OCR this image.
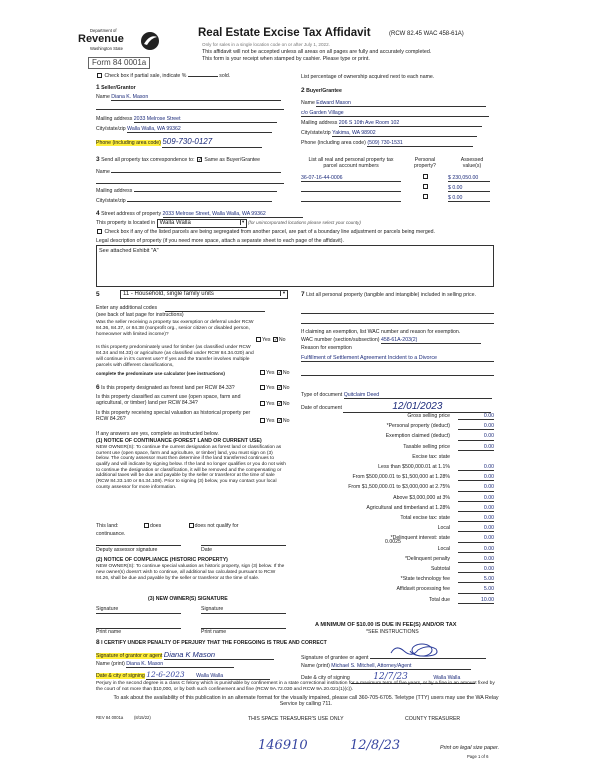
Department of
Revenue
Washington State
Form 84 0001a
Real Estate Excise Tax Affidavit	(RCW 82.45 WAC 458-61A)
Only for sales in a single location code on or after July 1, 2022.
This affidavit will not be accepted unless all areas on all pages are fully and accurately completed.
This form is your receipt when stamped by cashier. Please type or print.
Check box if partial sale, indicate %	sold.	List percentage of ownership acquired next to each name.
1 Seller/Grantor
Name Diana K. Mason
Mailing address 2033 Melrose Street
City/state/zip Walla Walla, WA 99362
Phone (including area code) 509-730-0127
2 Buyer/Grantee
Name Edward Mason
c/o Garden Village
Mailing address 206 S 10th Ave Room 102
City/state/zip Yakima, WA 98902
Phone (including area code) (509) 730-1531
3 Send all property tax correspondence to: ✓ Same as Buyer/Grantee
Name
Mailing address
City/state/zip
List all real and personal property tax parcel account numbers
Personal property?
Assessed value(s)
36-07-16-44-0006	$ 230,050.00
$ 0.00
$ 0.00
4 Street address of property 2033 Melrose Street, Walla Walla, WA 99362
This property is located in Walla Walla	▼ (for unincorporated locations please select your county)
Check box if any of the listed parcels are being segregated from another parcel, are part of a boundary line adjustment or parcels being merged.
Legal description of property (if you need more space, attach a separate sheet to each page of the affidavit).
See attached Exhibit "A"
5	11 - Household, single family units	▼
Enter any additional codes
(see back of last page for instructions)
Was the seller receiving a property tax exemption or deferral under RCW 84.36, 84.37, or 84.38 (nonprofit org., senior citizen or disabled person, homeowner with limited income)?
Yes ✓ No
Is this property predominately used for timber (as classified under RCW 84.34 and 84.33) or agriculture (as classified under RCW 84.34.020) and will continue in it's current use? If yes and the transfer involves multiple parcels with different classifications,
complete the predominate use calculator (see instructions)	Yes ✓ No
6 Is this property designated as forest land per RCW 84.33?	Yes ✓ No
Is this property classified as current use (open space, farm and agricultural, or timber) land per RCW 84.34?	Yes ✓ No
Is this property receiving special valuation as historical property per RCW 84.26?	Yes ✓ No
If any answers are yes, complete as instructed below.
(1) NOTICE OF CONTINUANCE (FOREST LAND OR CURRENT USE)
NEW OWNER(S): To continue the current designation as forest land or classification as current use (open space, farm and agriculture, or timber) land, you must sign on (3) below. The county assessor must then determine if the land transferred continues to qualify and will indicate by signing below. If the land no longer qualifies or you do not wish to continue the designation or classification, it will be removed and the compensating or additional taxes will be due and payable by the seller or transferor at the time of sale (RCW 84.33.140 or 84.34.108). Prior to signing (3) below, you may contact your local county assessor for more information.
This land:	does	does not qualify for
continuance.
Deputy assessor signature	Date
(2) NOTICE OF COMPLIANCE (HISTORIC PROPERTY)
NEW OWNER(S): To continue special valuation as historic property, sign (3) below. If the new owner(s) doesn't wish to continue, all additional tax calculated pursuant to RCW 84.26, shall be due and payable by the seller or transferor at the time of sale.
(3) NEW OWNER(S) SIGNATURE
Signature	Signature
Print name	Print name
7 List all personal property (tangible and intangible) included in selling price.
If claiming an exemption, list WAC number and reason for exemption.
WAC number (section/subsection) 458-61A-203(2)
Reason for exemption
Fulfillment of Settlement Agreement Incident to a Divorce
Type of document Quitclaim Deed
Date of document	12/01/2023
Gross selling price	0.00
*Personal property (deduct)	0.00
Exemption claimed (deduct)	0.00
Taxable selling price	0.00
Excise tax: state
Less than $500,000.01 at 1.1%	0.00
From $500,000.01 to $1,500,000 at 1.28%	0.00
From $1,500,000.01 to $3,000,000 at 2.75%	0.00
Above $3,000,000 at 3%	0.00
Agricultural and timberland at 1.28%	0.00
Total excise tax: state	0.00
Local	0.00
*Delinquent interest: state	0.00
Local	0.00
*Delinquent penalty	0.00
Subtotal	0.00
*State technology fee	5.00
Affidavit processing fee	5.00
Total due	10.00
0.0025
A MINIMUM OF $10.00 IS DUE IN FEE(S) AND/OR TAX
*SEE INSTRUCTIONS
8 I CERTIFY UNDER PENALTY OF PERJURY THAT THE FOREGOING IS TRUE AND CORRECT
Signature of grantor or agent Diana K Mason	Signature of grantee or agent
Name (print) Diana K. Mason	Name (print) Michael S. Mitchell, Attorney/Agent
Date & city of signing 12-6-2023 Walla Walla	Date & city of signing	12/7/23	Walla Walla
Perjury in the second degree is a class C felony which is punishable by confinement in a state correctional institution for a maximum term of five years, or by a fine in an amount fixed by the court of not more than $10,000, or by both such confinement and fine (RCW 9A.72.030 and RCW 9A.20.021(1)(c)).
To ask about the availability of this publication in an alternate format for the visually impaired, please call 360-705-6705. Teletype (TTY) users may use the WA Relay Service by calling 711.
REV 84 0001a	(8/15/22)	THIS SPACE TREASURER'S USE ONLY	COUNTY TREASURER
146910	12/8/23	Print on legal size paper.
Page 1 of 6
